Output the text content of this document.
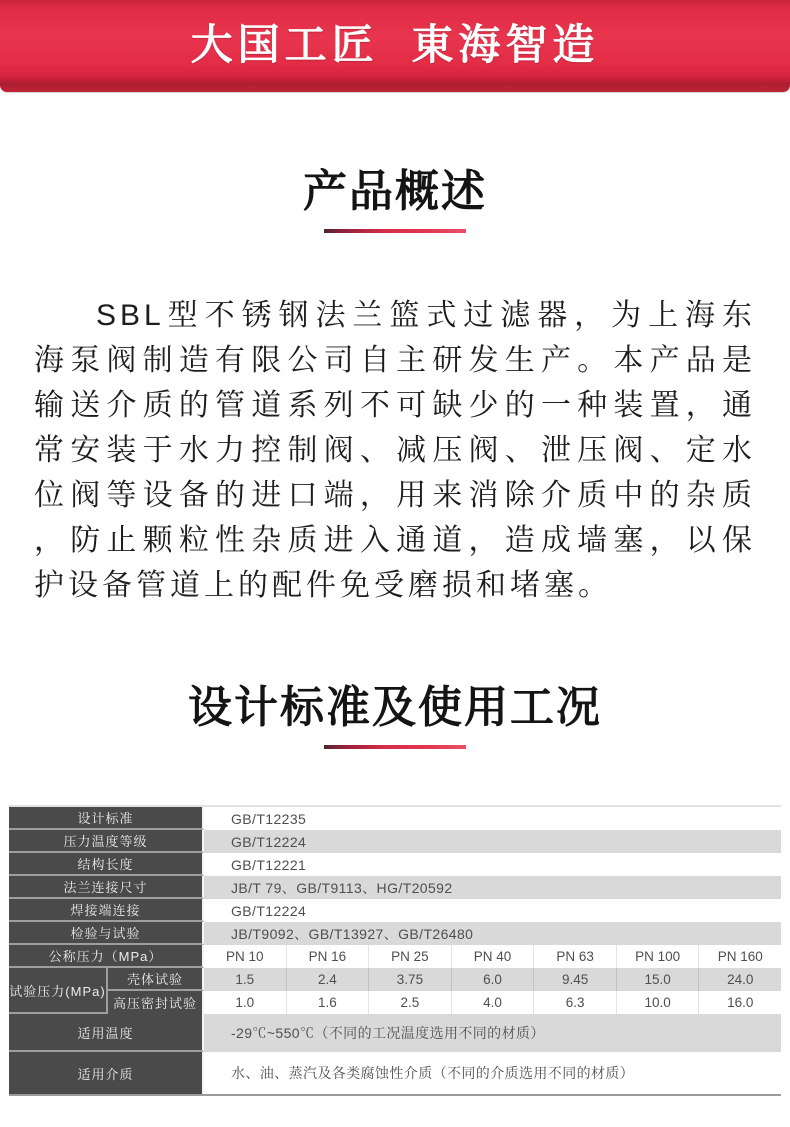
大国工匠 東海智造
产品概述
SBL型不锈钢法兰篮式过滤器，为上海东
海泵阀制造有限公司自主研发生产。本产品是
输送介质的管道系列不可缺少的一种装置，通
常安装于水力控制阀、减压阀、泄压阀、定水
位阀等设备的进口端，用来消除介质中的杂质
，防止颗粒性杂质进入通道，造成墙塞，以保
护设备管道上的配件免受磨损和堵塞。
设计标准及使用工况
设计标准	GB/T12235
压力温度等级	GB/T12224
结构长度	GB/T12221
法兰连接尺寸	JB/T 79、GB/T9113、HG/T20592
焊接端连接	GB/T12224
检验与试验	JB/T9092、GB/T13927、GB/T26480
公称压力（MPa）	PN 10	PN 16	PN 25	PN 40	PN 63	PN 100	PN 160
试验压力(MPa)
壳体试验	1.5	2.4	3.75	6.0	9.45	15.0	24.0
高压密封试验	1.0	1.6	2.5	4.0	6.3	10.0	16.0
适用温度	-29℃~550℃（不同的工况温度选用不同的材质）
适用介质	水、油、蒸汽及各类腐蚀性介质（不同的介质选用不同的材质）
